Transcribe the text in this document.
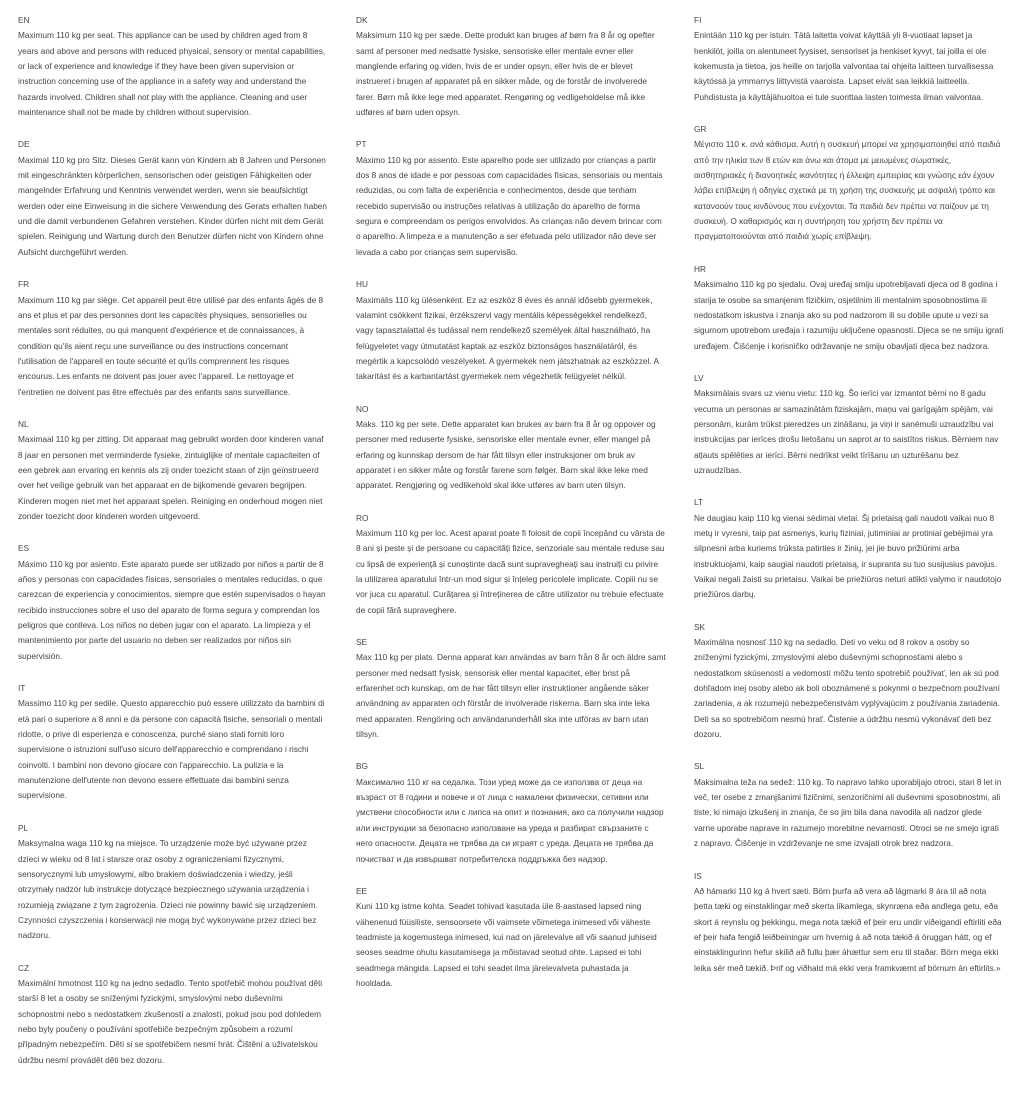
EN

Maximum 110 kg per seat. This appliance can be used by children aged from 8 years and above and persons with reduced physical, sensory or mental capabilities, or lack of experience and knowledge if they have been given supervision or instruction concerning use of the appliance in a safety way and understand the hazards involved. Children shall not play with the appliance. Cleaning and user maintenance shall not be made by children without supervision.

DE

Maximal 110 kg pro Sitz. Dieses Gerät kann von Kindern ab 8 Jahren und Personen mit eingeschränkten körperlichen, sensorischen oder geistigen Fähigkeiten oder mangelnder Erfahrung und Kenntnis verwendet werden, wenn sie beaufsichtigt werden oder eine Einweisung in die sichere Verwendung des Gerats erhalten haben und die damit verbundenen Gefahren verstehen. Kinder dürfen nicht mit dem Gerät spielen. Reinigung und Wartung durch den Benutzer dürfen nicht von Kindern ohne Aufsicht durchgeführt werden.

FR

Maximum 110 kg par siège. Cet appareil peut être utilisé par des enfants âgés de 8 ans et plus et par des personnes dont les capacités physiques, sensorielles ou mentales sont réduites, ou qui manquent d'expérience et de connaissances, à condition qu'ils aient reçu une surveillance ou des instructions concernant l'utilisation de l'appareil en toute sécurité et qu'ils comprennent les risques encourus. Les enfants ne doivent pas jouer avec l'appareil. Le nettoyage et l'entretien ne doivent pas être effectués par des enfants sans surveillance.

NL

Maximaal 110 kg per zitting. Dit apparaat mag gebruikt worden door kinderen vanaf 8 jaar en personen met verminderde fysieke, zintuiglijke of mentale capaciteiten of een gebrek aan ervaring en kennis als zij onder toezicht staan of zijn geïnstrueerd over het veilige gebruik van het apparaat en de bijkomende gevaren begrijpen. Kinderen mogen niet met het apparaat spelen. Reiniging en onderhoud mogen niet zonder toezicht door kinderen worden uitgevoerd.

ES

Máximo 110 kg por asiento. Este aparato puede ser utilizado por niños a partir de 8 años y personas con capacidades físicas, sensoriales o mentales reducidas, o que carezcan de experiencia y conocimientos, siempre que estén supervisados o hayan recibido instrucciones sobre el uso del aparato de forma segura y comprendan los peligros que conlleva. Los niños no deben jugar con el aparato. La limpieza y el mantenimiento por parte del usuario no deben ser realizados por niños sin supervisión.

IT

Massimo 110 kg per sedile. Questo apparecchio può essere utilizzato da bambini di età pari o superiore a 8 anni e da persone con capacità fisiche, sensoriali o mentali ridotte, o prive di esperienza e conoscenza, purché siano stati forniti loro supervisione o istruzioni sull'uso sicuro dell'apparecchio e comprendano i rischi coinvolti. I bambini non devono giocare con l'apparecchio. La pulizia e la manutenzione dell'utente non devono essere effettuate dai bambini senza supervisione.

PL

Maksymalna waga 110 kg na miejsce. To urządzenie może być używane przez dzieci w wieku od 8 lat i starsze oraz osoby z ograniczeniami fizycznymi, sensorycznymi lub umysłowymi, albo brakiem doświadczenia i wiedzy, jeśli otrzymały nadzór lub instrukcje dotyczące bezpiecznego używania urządzenia i rozumieją związane z tym zagrożenia. Dzieci nie powinny bawić się urządzeniem. Czynności czyszczenia i konserwacji nie mogą być wykonywane przez dzieci bez nadzoru.

CZ

Maximální hmotnost 110 kg na jedno sedadlo. Tento spotřebič mohou používat děti starší 8 let a osoby se sníženými fyzickými, smyslovými nebo duševními schopnostmi nebo s nedostatkem zkušeností a znalostí, pokud jsou pod dohledem nebo byly poučeny o používání spotřebiče bezpečným způsobem a rozumí případným nebezpečím. Děti si se spotřebičem nesmí hrát. Čištění a uživatelskou údržbu nesmí provádět děti bez dozoru.

DK

Maksimum 110 kg per sæde. Dette produkt kan bruges af børn fra 8 år og opefter samt af personer med nedsatte fysiske, sensoriske eller mentale evner eller manglende erfaring og viden, hvis de er under opsyn, eller hvis de er blevet instrueret i brugen af apparatet på en sikker måde, og de forstår de involverede farer. Børn må ikke lege med apparatet. Rengøring og vedligeholdelse må ikke udføres af børn uden opsyn.

PT

Máximo 110 kg por assento. Este aparelho pode ser utilizado por crianças a partir dos 8 anos de idade e por pessoas com capacidades físicas, sensoriais ou mentais reduzidas, ou com falta de experiência e conhecimentos, desde que tenham recebido supervisão ou instruções relativas à utilização do aparelho de forma segura e compreendam os perigos envolvidos. As crianças não devem brincar com o aparelho. A limpeza e a manutenção a ser efetuada pelo utilizador não deve ser levada a cabo por crianças sem supervisão.

HU

Maximális 110 kg ülésenként. Ez az eszköz 8 éves és annál idősebb gyermekek, valamint csökkent fizikai, érzékszervi vagy mentális képességekkel rendelkező, vagy tapasztalattal és tudással nem rendelkező személyek által használható, ha felügyeletet vagy útmutatást kaptak az eszköz biztonságos használatáról, és megértik a kapcsolódó veszélyeket. A gyermekek nem játszhatnak az eszközzel. A takarítást és a karbantartást gyermekek nem végezhetik felügyelet nélkül.

NO

Maks. 110 kg per sete. Dette apparatet kan brukes av barn fra 8 år og oppover og personer med reduserte fysiske, sensoriske eller mentale evner, eller mangel på erfaring og kunnskap dersom de har fått tilsyn eller instruksjoner om bruk av apparatet i en sikker måte og forstår farene som følger. Barn skal ikke leke med apparatet. Rengjøring og vedlikehold skal ikke utføres av barn uten tilsyn.

RO

Maximum 110 kg per loc. Acest aparat poate fi folosit de copii începând cu vârsta de 8 ani și peste și de persoane cu capacități fizice, senzoriale sau mentale reduse sau cu lipsă de experiență și cunoștinte dacă sunt supravegheați sau instruiți cu privire la utilizarea aparatului într-un mod sigur și înțeleg pericolele implicate. Copiii nu se vor juca cu aparatul. Curățarea și întreținerea de către utilizator nu trebuie efectuate de copii fără supraveghere.

SE

Max 110 kg per plats. Denna apparat kan användas av barn från 8 år och äldre samt personer med nedsatt fysisk, sensorisk eller mental kapacitet, eller brist på erfarenhet och kunskap, om de har fått tillsyn eller instruktioner angående säker användning av apparaten och förstår de involverade riskerna. Barn ska inte leka med apparaten. Rengöring och användarunderhåll ska inte utföras av barn utan tillsyn.

BG

Максимално 110 кг на седалка. Този уред може да се използва от деца на възраст от 8 години и повече и от лица с намалени физически, сетивни или умствени способности или с липса на опит и познания, ако са получили надзор или инструкции за безопасно използване на уреда и разбират свързаните с него опасности. Децата не трябва да си играят с уреда. Децата не трябва да почистват и да извършват потребителска поддръжка без надзор.

EE

Kuni 110 kg istme kohta. Seadet tohivad kasutada üle 8-aastased lapsed ning vähenenud füüsiliste, sensoorsete või vaimsete võimetega inimesed või väheste teadmiste ja kogemustega inimesed, kui nad on järelevalve all või saanud juhiseid seoses seadme ohutu kasutamisega ja mõistavad seotud ohte. Lapsed ei tohi seadmega mängida. Lapsed ei tohi seadet ilma järelevalveta puhastada ja hooldada.

FI

Enintään 110 kg per istuin. Tätä laitetta voivat käyttää yli 8-vuotiaat lapset ja henkilöt, joilla on alentuneet fyysiset, sensoriset ja henkiset kyvyt, tai joilla ei ole kokemusta ja tietoa, jos heille on tarjolla valvontaa tai ohjeita laitteen turvallisessa käytössä ja ymmarrys liittyvistä vaaroista. Lapset eivät saa leikkiä laitteella. Puhdistusta ja käyttäjähuoltoa ei tule suorittaa lasten toimesta ilman valvontaa.

GR

Μέγιστο 110 κ. ανά κάθισμα. Αυτή η συσκευή μπορεί να χρησιμοποιηθεί από παιδιά από την ηλικία των 8 ετών και άνω και άτομα με μειωμένες σωματικές, αισθητηριακές ή διανοητικές ικανότητες ή έλλειψη εμπειρίας και γνώσης εάν έχουν λάβει επίβλεψη ή οδηγίες σχετικά με τη χρήση της συσκευής με ασφαλή τρόπο και κατανοούν τους κινδύνους που ενέχονται. Τα παιδιά δεν πρέπει να παίζουν με τη συσκευή. Ο καθαρισμός και η συντήρηση του χρήστη δεν πρέπει να πραγματοποιούνται από παιδιά χωρίς επίβλεψη.

HR

Maksimalno 110 kg po sjedalu. Ovaj uređaj smiju upotrebljavati djeca od 8 godina i starija te osobe sa smanjenim fizičkim, osjetilnim ili mentalnim sposobnostima ili nedostatkom iskustva i znanja ako su pod nadzorom ili su dobile upute u vezi sa sigurnom upotrebom uređaja i razumiju uključene opasnosti. Djeca se ne smiju igrati uređajem. Čišćenje i korisničko održavanje ne smiju obavljati djeca bez nadzora.

LV

Maksimālais svars uz vienu vietu: 110 kg. Šo ierīci var izmantot bērni no 8 gadu vecuma un personas ar samazinātām fiziskajām, maņu vai garīgajām spējām, vai personām, kurām trūkst pieredzes un zināšanu, ja viņi ir sanēmuši uzraudzību vai instrukcijas par ierīces drošu lietošanu un saprot ar to saistītos riskus. Bērniem nav atļauts spēlēties ar ierīci. Bērni nedrīkst veikt tīrīšanu un uzturēšanu bez uzraudzības.

LT

Ne daugiau kaip 110 kg vienai sėdimai vietai. Šį prietaisą gali naudoti vaikai nuo 8 metų ir vyresni, taip pat asmenys, kurių fiziniai, jutiminiai ar protiniai gebėjimai yra silpnesni arba kuriems trūksta patirties ir žinių, jei jie buvo prižiūrimi arba instruktuojami, kaip saugiai naudoti prietaisą, ir supranta su tuo susijusius pavojus. Vaikai negali žaisti su prietaisu. Vaikai be priežiūros neturi atlikti valymo ir naudotojo priežiūros darbų.

SK

Maximálna nosnosť 110 kg na sedadlo. Deti vo veku od 8 rokov a osoby so zníženými fyzickými, zmyslovými alebo duševnými schopnosťami alebo s nedostatkom skúseností a vedomostí môžu tento spotrebič používať, len ak sú pod dohľadom inej osoby alebo ak boli oboznámené s pokynmi o bezpečnom používaní zariadenia, a ak rozumejú nebezpečenstvám vyplývajúcim z používania zariadenia. Deti sa so spotrebičom nesmú hrať. Čistenie a údržbu nesmú vykonávať deti bez dozoru.

SL

Maksimalna teža na sedež: 110 kg. To napravo lahko uporabljajo otroci, stari 8 let in več, ter osebe z zmanjšanimi fizičnimi, senzoričnimi ali duševnimi sposobnostmi, ali tiste, ki nimajo izkušenj in znanja, če so jim bila dana navodila ali nadzor glede varne uporabe naprave in razumejo morebitne nevarnosti. Otroci se ne smejo igrati z napravo. Čiščenje in vzdrževanje ne sme izvajati otrok brez nadzora.

IS

Að hámarki 110 kg á hvert sæti. Börn þurfa að vera að lágmarki 8 ára til að nota þetta tæki og einstaklingar með skerta líkamlega, skynræna eða andlega getu, eða skort á reynslu og þekkingu, mega nota tækið ef þeir eru undir viðeigandi eftirliti eða ef þeir hafa fengið leiðbeiningar um hvernig á að nota tækið á öruggan hátt, og ef einstaklingurinn hefur skilið að fullu þær áhættur sem eru til staðar. Börn mega ekki leika sér með tækið. Þrif og viðhald má ekki vera framkvæmt af börnum án eftirlits.»
